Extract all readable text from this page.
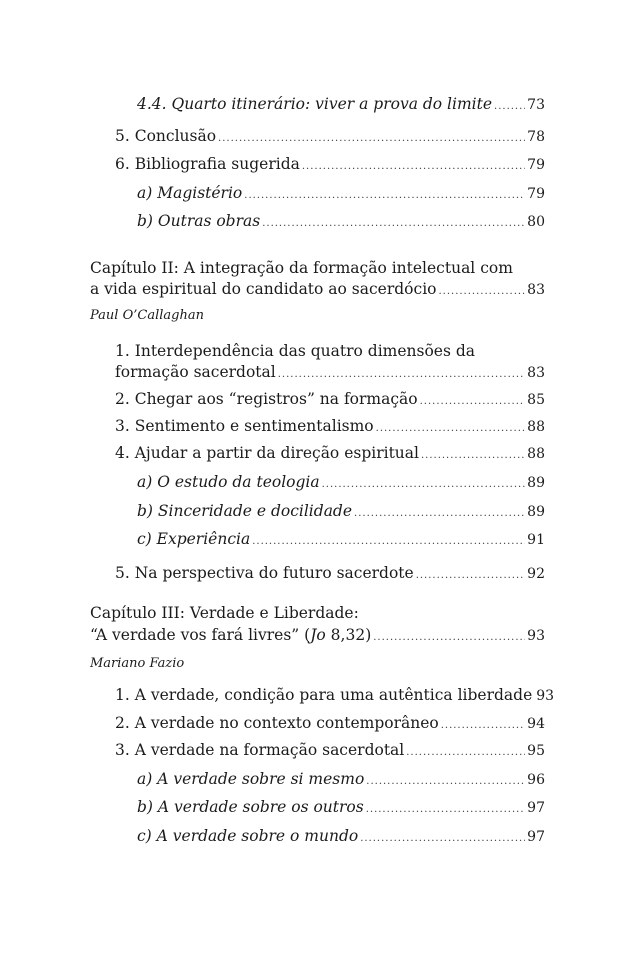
4.4. Quarto itinerário: viver a prova do limite .....	73
5. Conclusão .....	78
6. Bibliografia sugerida .....	79
a) Magistério .....	79
b) Outras obras .....	80
Capítulo II: A integração da formação intelectual com
a vida espiritual do candidato ao sacerdócio .....	83
Paul O’Callaghan
1. Interdependência das quatro dimensões da
formação sacerdotal .....	83
2. Chegar aos “registros” na formação .....	85
3. Sentimento e sentimentalismo .....	88
4. Ajudar a partir da direção espiritual .....	88
a) O estudo da teologia .....	89
b) Sinceridade e docilidade .....	89
c) Experiência .....	91
5. Na perspectiva do futuro sacerdote .....	92
Capítulo III: Verdade e Liberdade:
“A verdade vos fará livres” (Jo 8,32) .....	93
Mariano Fazio
1. A verdade, condição para uma autêntica liberdade 93
2. A verdade no contexto contemporâneo .....	94
3. A verdade na formação sacerdotal .....	95
a) A verdade sobre si mesmo .....	96
b) A verdade sobre os outros .....	97
c) A verdade sobre o mundo .....	97
